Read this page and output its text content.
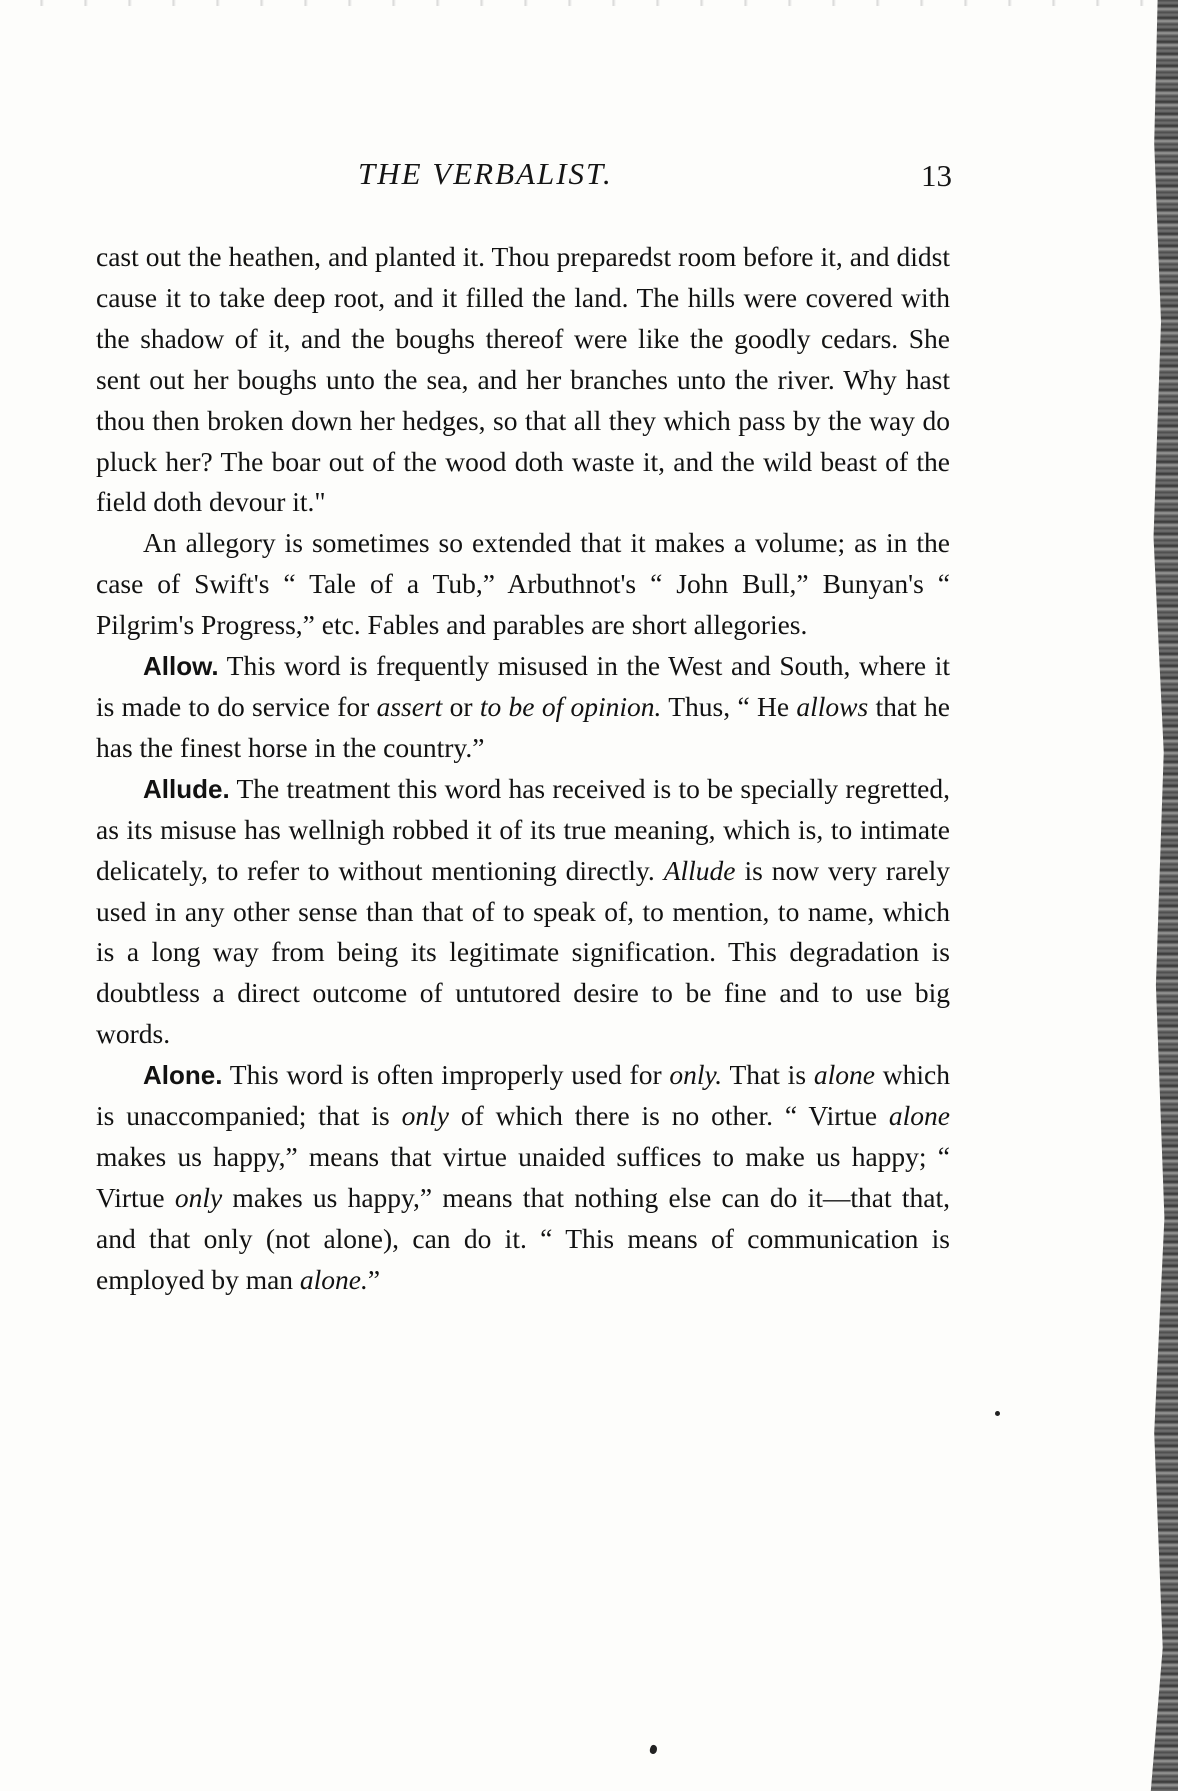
THE VERBALIST.	13

cast out the heathen, and planted it. Thou preparedst room before it, and didst cause it to take deep root, and it filled the land. The hills were covered with the shadow of it, and the boughs thereof were like the goodly cedars. She sent out her boughs unto the sea, and her branches unto the river. Why hast thou then broken down her hedges, so that all they which pass by the way do pluck her? The boar out of the wood doth waste it, and the wild beast of the field doth devour it."

An allegory is sometimes so extended that it makes a volume; as in the case of Swift's “ Tale of a Tub,” Arbuthnot's “ John Bull,” Bunyan's “ Pilgrim's Progress,” etc. Fables and parables are short allegories.

Allow. This word is frequently misused in the West and South, where it is made to do service for assert or to be of opinion. Thus, “ He allows that he has the finest horse in the country.”

Allude. The treatment this word has received is to be specially regretted, as its misuse has wellnigh robbed it of its true meaning, which is, to intimate delicately, to refer to without mentioning directly. Allude is now very rarely used in any other sense than that of to speak of, to mention, to name, which is a long way from being its legitimate signification. This degradation is doubtless a direct outcome of untutored desire to be fine and to use big words.

Alone. This word is often improperly used for only. That is alone which is unaccompanied; that is only of which there is no other. “ Virtue alone makes us happy,” means that virtue unaided suffices to make us happy; “ Virtue only makes us happy,” means that nothing else can do it—that that, and that only (not alone), can do it. “ This means of communication is employed by man alone.”
